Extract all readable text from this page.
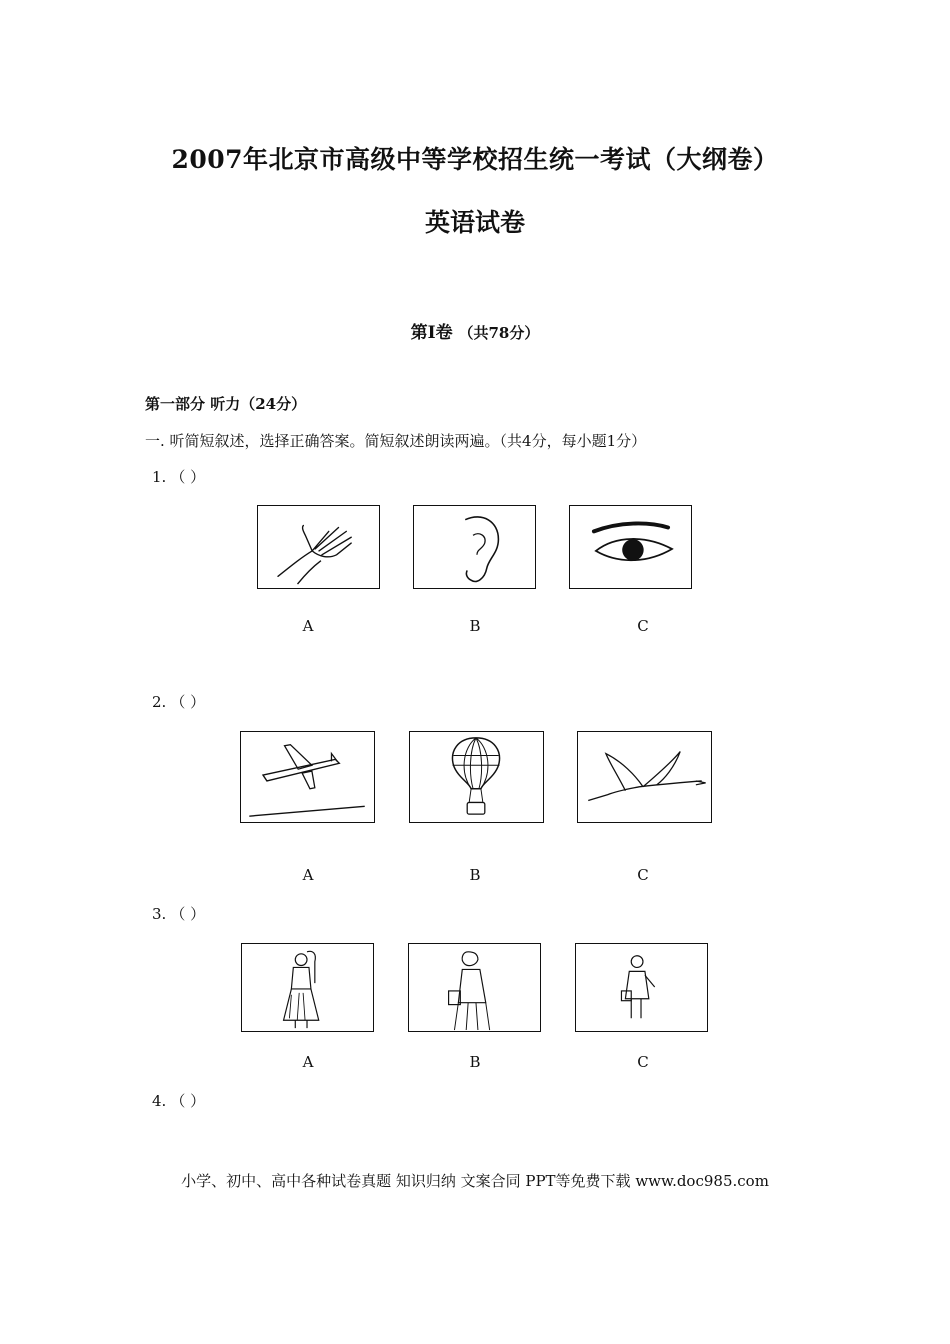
2007年北京市高级中等学校招生统一考试（大纲卷）
英语试卷
第Ⅰ卷 （共78分）
第一部分 听力（24分）
一. 听简短叙述，选择正确答案。简短叙述朗读两遍。（共4分，每小题1分）
1. （ ）
A	B	C
2. （ ）
A	B	C
3. （ ）
A	B	C
4. （ ）
小学、初中、高中各种试卷真题 知识归纳 文案合同 PPT等免费下载 www.doc985.com
